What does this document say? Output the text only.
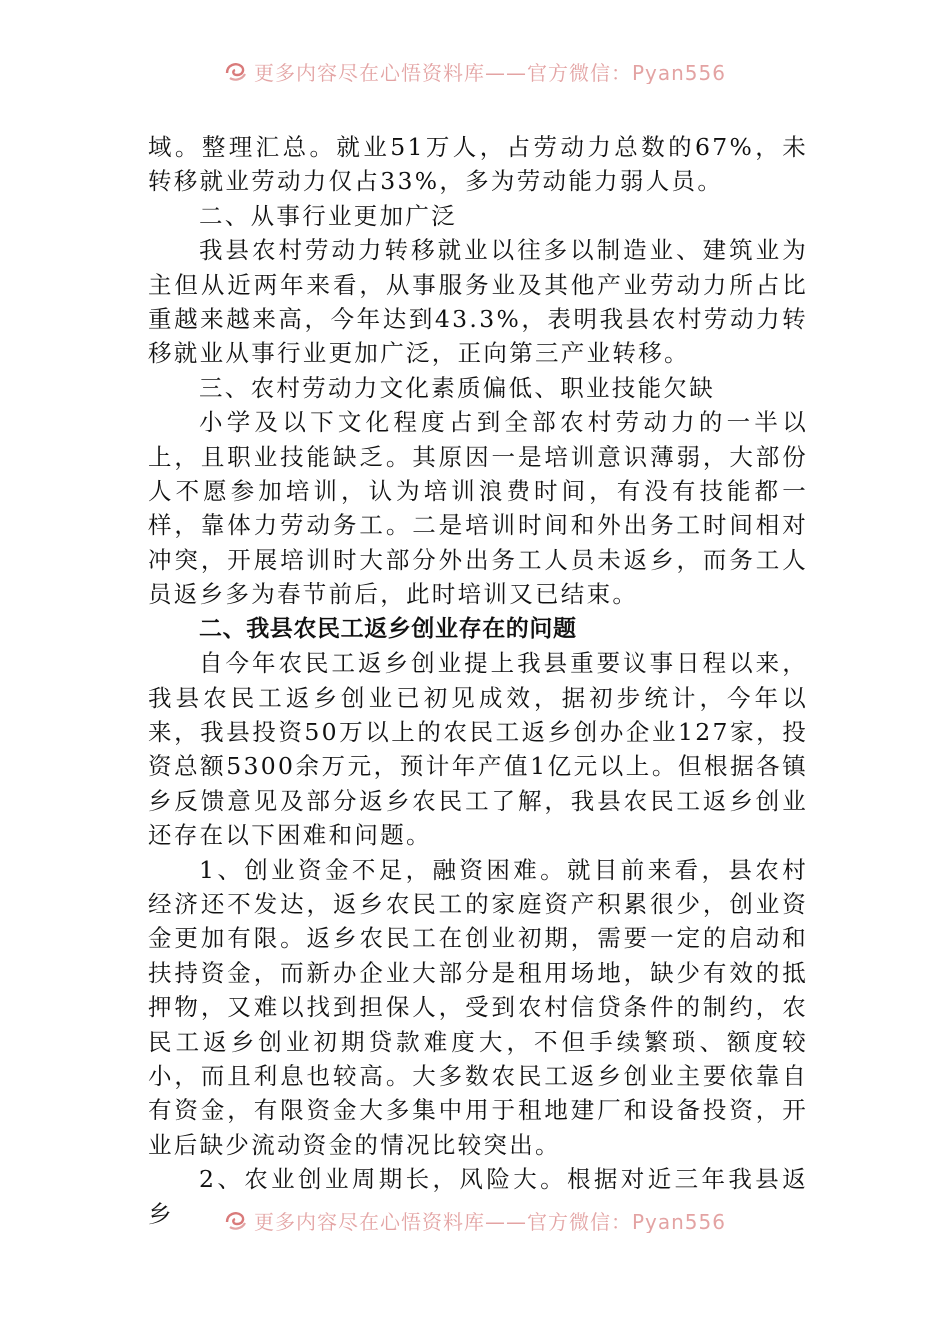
更多内容尽在心悟资料库——官方微信：Pyan556

域。整理汇总。就业51万人，占劳动力总数的67%，未转移就业劳动力仅占33%，多为劳动能力弱人员。

二、从事行业更加广泛

我县农村劳动力转移就业以往多以制造业、建筑业为主但从近两年来看，从事服务业及其他产业劳动力所占比重越来越来高，今年达到43.3%，表明我县农村劳动力转移就业从事行业更加广泛，正向第三产业转移。

三、农村劳动力文化素质偏低、职业技能欠缺

小学及以下文化程度占到全部农村劳动力的一半以上，且职业技能缺乏。其原因一是培训意识薄弱，大部份人不愿参加培训，认为培训浪费时间，有没有技能都一样，靠体力劳动务工。二是培训时间和外出务工时间相对冲突，开展培训时大部分外出务工人员未返乡，而务工人员返乡多为春节前后，此时培训又已结束。

二、我县农民工返乡创业存在的问题

自今年农民工返乡创业提上我县重要议事日程以来，我县农民工返乡创业已初见成效，据初步统计，今年以来，我县投资50万以上的农民工返乡创办企业127家，投资总额5300余万元，预计年产值1亿元以上。但根据各镇乡反馈意见及部分返乡农民工了解，我县农民工返乡创业还存在以下困难和问题。

1、创业资金不足，融资困难。就目前来看，县农村经济还不发达，返乡农民工的家庭资产积累很少，创业资金更加有限。返乡农民工在创业初期，需要一定的启动和扶持资金，而新办企业大部分是租用场地，缺少有效的抵押物，又难以找到担保人，受到农村信贷条件的制约，农民工返乡创业初期贷款难度大，不但手续繁琐、额度较小，而且利息也较高。大多数农民工返乡创业主要依靠自有资金，有限资金大多集中用于租地建厂和设备投资，开业后缺少流动资金的情况比较突出。

2、农业创业周期长，风险大。根据对近三年我县返乡	更多内容尽在心悟资料库——官方微信：Pyan556
